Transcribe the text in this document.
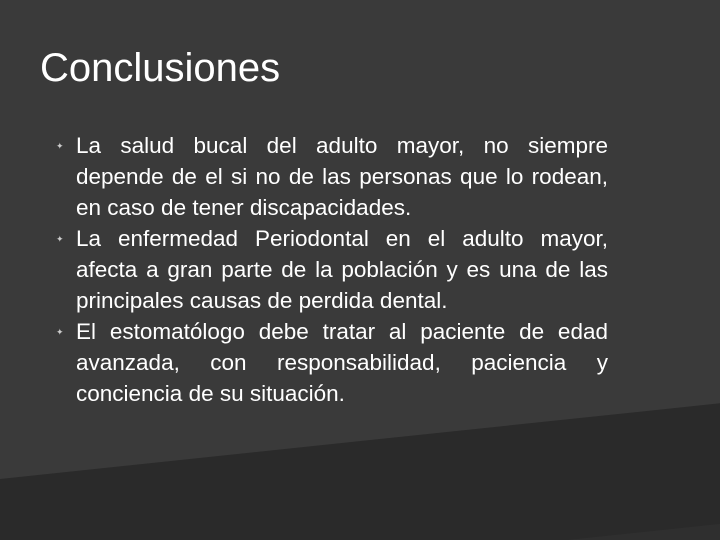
Conclusiones
✦ La salud bucal del adulto mayor, no siempre depende de el si no de las personas que lo rodean, en caso de tener discapacidades.
✦ La enfermedad Periodontal en el adulto mayor, afecta a gran parte de la población y es una de las principales causas de perdida dental.
✦ El estomatólogo debe tratar al paciente de edad avanzada, con responsabilidad, paciencia y conciencia de su situación.
